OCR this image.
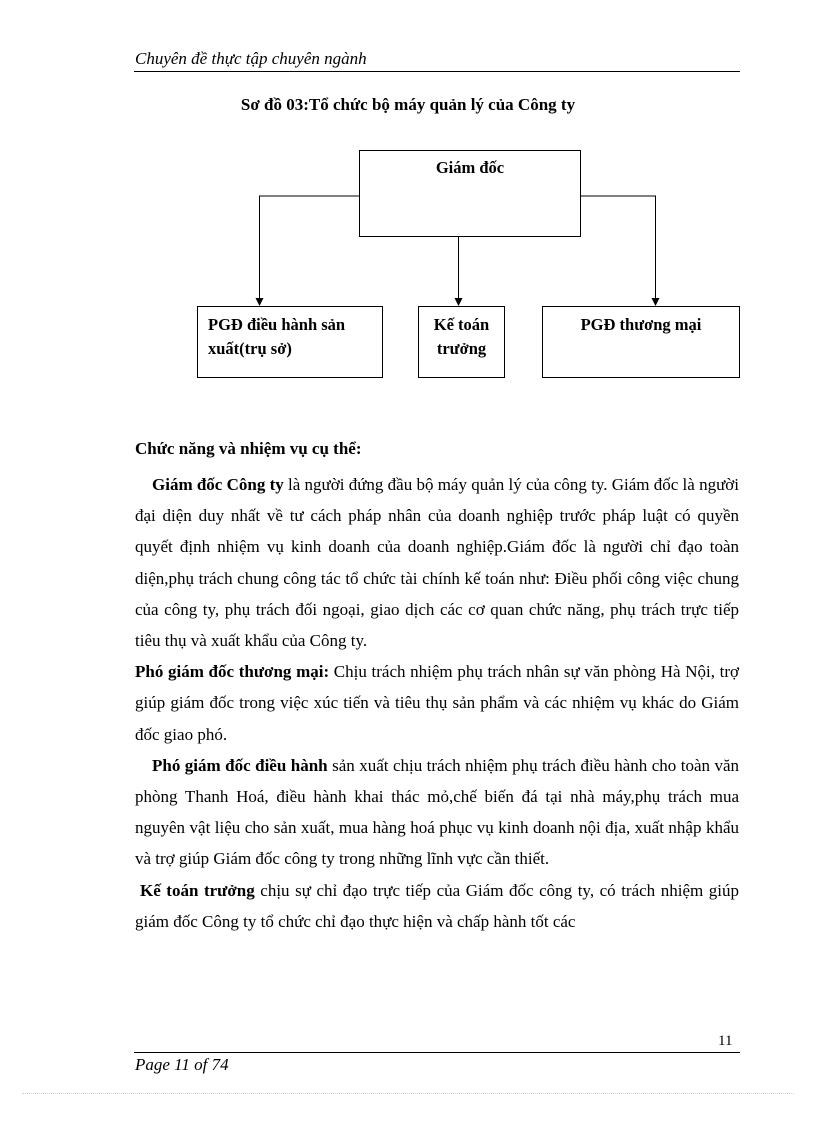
Chuyên đề thực tập chuyên ngành
Sơ đồ 03:Tổ chức bộ máy quản lý của Công ty
Giám đốc
PGĐ điều hành sản
xuất(trụ sở)
Kế toán
trưởng
PGĐ thương mại
Chức năng và nhiệm vụ cụ thể:

Giám đốc Công ty là người đứng đầu bộ máy quản lý của công ty. Giám đốc là người đại diện duy nhất về tư cách pháp nhân của doanh nghiệp trước pháp luật có quyền quyết định nhiệm vụ kinh doanh của doanh nghiệp.Giám đốc là người chỉ đạo toàn diện,phụ trách chung công tác tổ chức tài chính kế toán như: Điều phối công việc chung của công ty, phụ trách đối ngoại, giao dịch các cơ quan chức năng, phụ trách trực tiếp tiêu thụ và xuất khẩu của Công ty.

Phó giám đốc thương mại: Chịu trách nhiệm phụ trách nhân sự văn phòng Hà Nội, trợ giúp giám đốc trong việc xúc tiến và tiêu thụ sản phẩm và các nhiệm vụ khác do Giám đốc giao phó.

Phó giám đốc điều hành sản xuất chịu trách nhiệm phụ trách điều hành cho toàn văn phòng Thanh Hoá, điều hành khai thác mỏ,chế biến đá tại nhà máy,phụ trách mua nguyên vật liệu cho sản xuất, mua hàng hoá phục vụ kinh doanh nội địa, xuất nhập khẩu và trợ giúp Giám đốc công ty trong những lĩnh vực cần thiết.

Kế toán trưởng chịu sự chỉ đạo trực tiếp của Giám đốc công ty, có trách nhiệm giúp giám đốc Công ty tổ chức chỉ đạo thực hiện và chấp hành tốt các

11
Page 11 of 74
